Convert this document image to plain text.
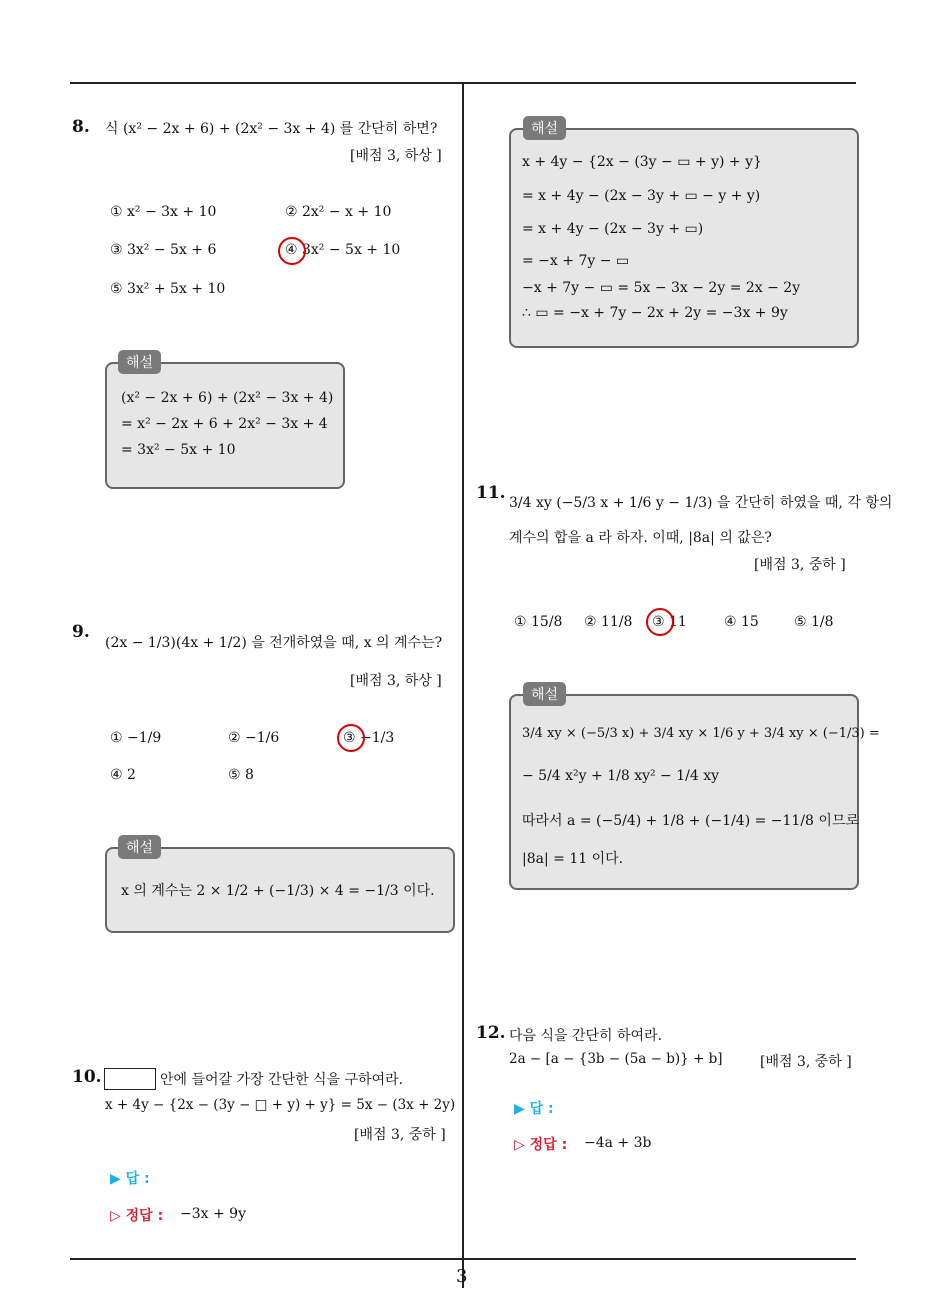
8. 식 (x² − 2x + 6) + (2x² − 3x + 4) 를 간단히 하면?
[배점 3, 하상 ]
① x² − 3x + 10	② 2x² − x + 10
③ 3x² − 5x + 6	④ 3x² − 5x + 10
⑤ 3x² + 5x + 10
해설
(x² − 2x + 6) + (2x² − 3x + 4)
= x² − 2x + 6 + 2x² − 3x + 4
= 3x² − 5x + 10
9.
(2x − 1/3)(4x + 1/2) 을 전개하였을 때, x 의 계수는?
[배점 3, 하상 ]
① −1/9	② −1/6	③ −1/3
④ 2	⑤ 8
해설
x 의 계수는 2 × 1/2 + (−1/3) × 4 = −1/3 이다.
10.	안에 들어갈 가장 간단한 식을 구하여라.
x + 4y − {2x − (3y − □ + y) + y} = 5x − (3x + 2y)
[배점 3, 중하 ]
▶ 답 :
▷ 정답 : −3x + 9y
해설
x + 4y − {2x − (3y − ▭ + y) + y}
= x + 4y − (2x − 3y + ▭ − y + y)
= x + 4y − (2x − 3y + ▭)
= −x + 7y − ▭
−x + 7y − ▭ = 5x − 3x − 2y = 2x − 2y
∴ ▭ = −x + 7y − 2x + 2y = −3x + 9y
11. 3/4 xy (−5/3 x + 1/6 y − 1/3) 을 간단히 하였을 때, 각 항의
계수의 합을 a 라 하자. 이때, |8a| 의 값은?
[배점 3, 중하 ]
① 15/8 ② 11/8 ③ 11	④ 15	⑤ 1/8
해설
3/4 xy × (−5/3 x) + 3/4 xy × 1/6 y + 3/4 xy × (−1/3) =
− 5/4 x²y + 1/8 xy² − 1/4 xy
따라서 a = (−5/4) + 1/8 + (−1/4) = −11/8 이므로
|8a| = 11 이다.
12. 다음 식을 간단히 하여라.
2a − [a − {3b − (5a − b)} + b]	[배점 3, 중하 ]
▶ 답 :
▷ 정답 : −4a + 3b
3
